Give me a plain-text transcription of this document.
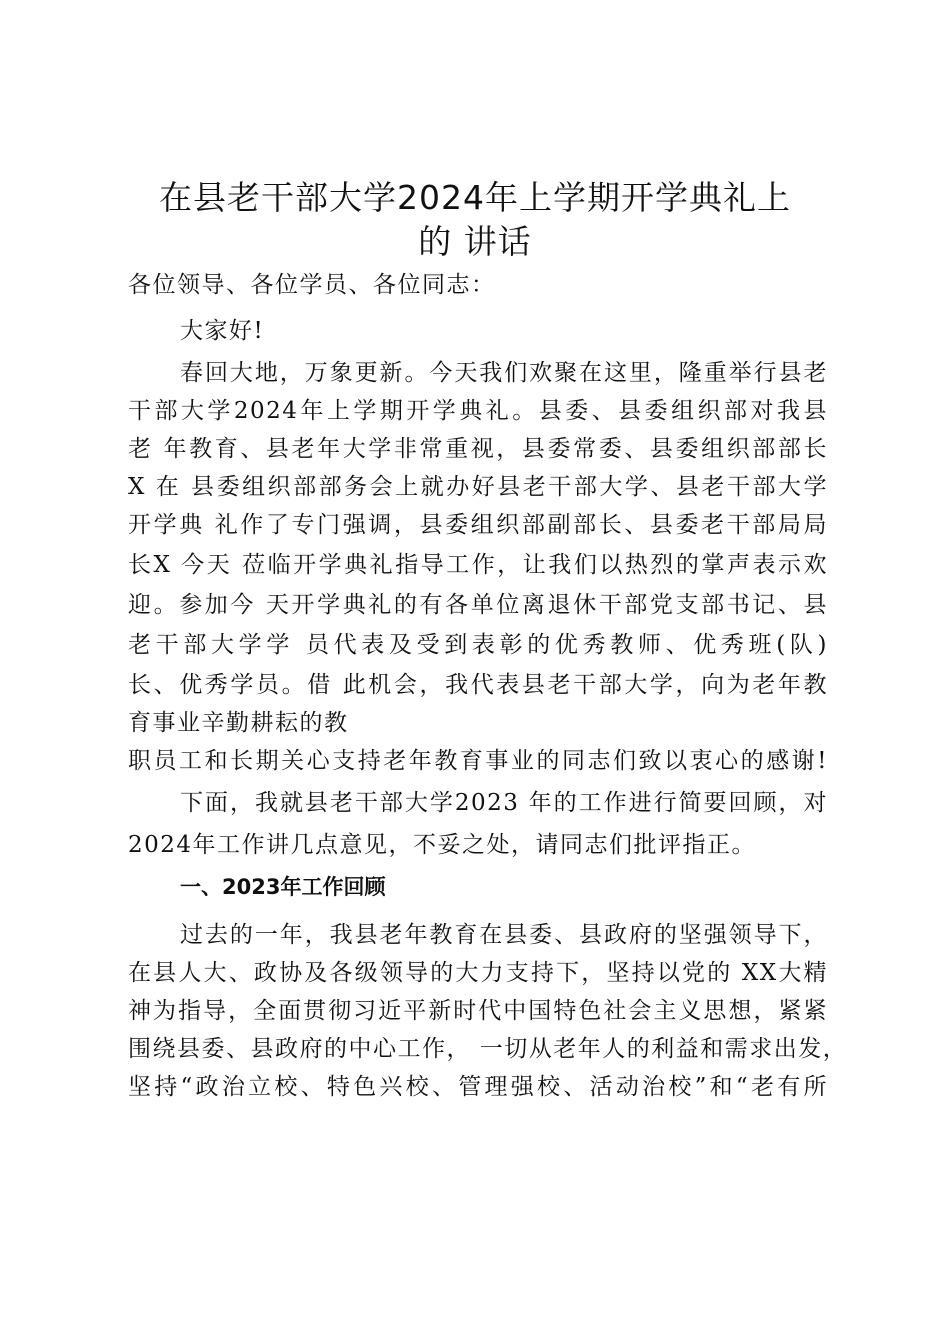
在县老干部大学2024年上学期开学典礼上
的 讲话

各位领导、各位学员、各位同志：

大家好!

春回大地，万象更新。今天我们欢聚在这里，隆重举行县老

干部大学2024年上学期开学典礼。县委、县委组织部对我县

老 年教育、县老年大学非常重视，县委常委、县委组织部部长

X 在 县委组织部部务会上就办好县老干部大学、县老干部大学

开学典 礼作了专门强调，县委组织部副部长、县委老干部局局

长X 今天 莅临开学典礼指导工作，让我们以热烈的掌声表示欢

迎。参加今 天开学典礼的有各单位离退休干部党支部书记、县

老干部大学学 员代表及受到表彰的优秀教师、优秀班(队)

长、优秀学员。借 此机会，我代表县老干部大学，向为老年教

育事业辛勤耕耘的教

职员工和长期关心支持老年教育事业的同志们致以衷心的感谢!

下面，我就县老干部大学2023 年的工作进行简要回顾，对

2024年工作讲几点意见，不妥之处，请同志们批评指正。

一、2023年工作回顾

过去的一年，我县老年教育在县委、县政府的坚强领导下，

在县人大、政协及各级领导的大力支持下，坚持以党的 XX大精

神为指导，全面贯彻习近平新时代中国特色社会主义思想，紧紧

围绕县委、县政府的中心工作， 一切从老年人的利益和需求出发，

坚持“政治立校、特色兴校、管理强校、活动治校”和“老有所
